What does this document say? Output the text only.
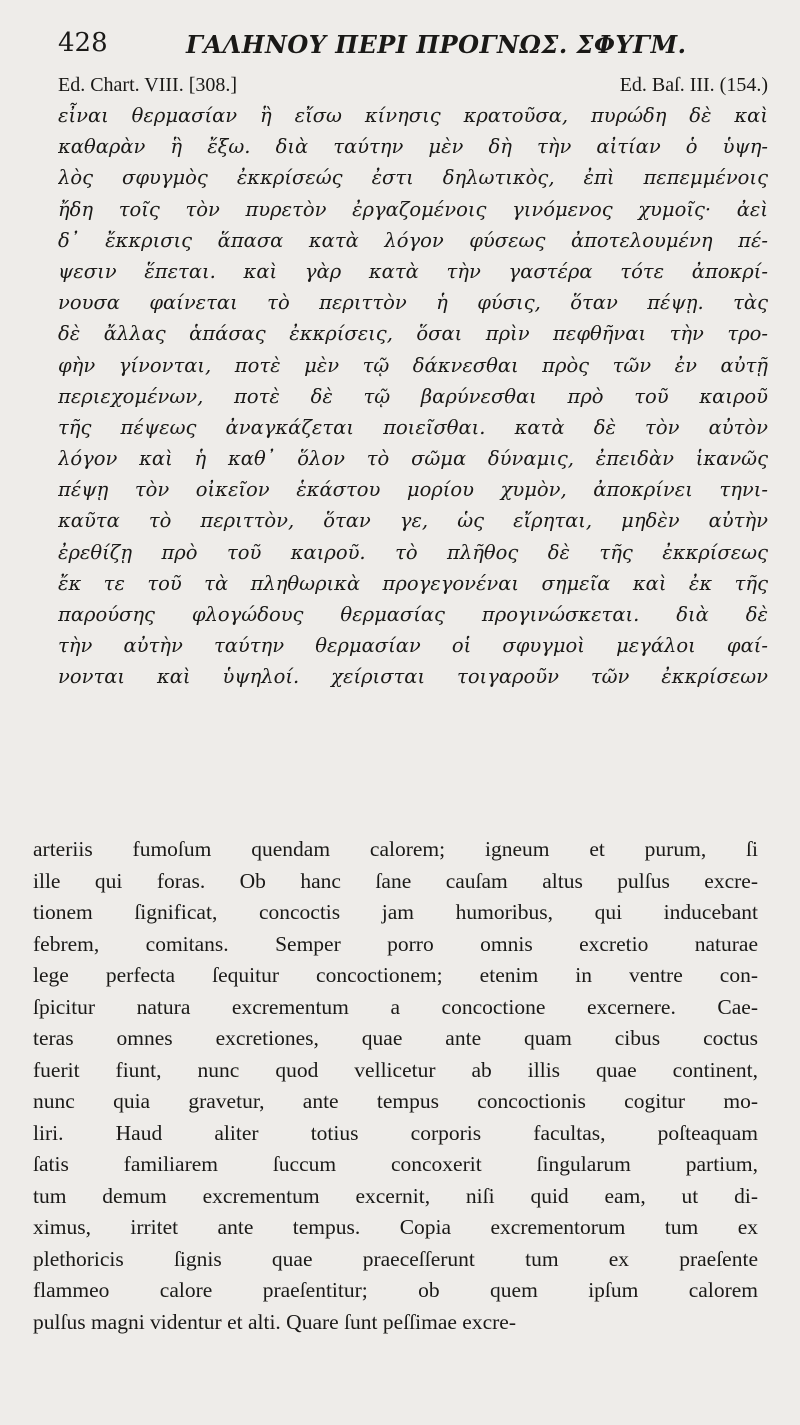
428	ΓΑΛΗΝΟΥ ΠΕΡΙ ΠΡΟΓΝΩΣ. ΣΦΥΓΜ.
Ed. Chart. VIII. [308.]	Ed. Baſ. III. (154.)
εἶναι θερμασίαν ἣ εἴσω κίνησις κρατοῦσα, πυρώδη δὲ καὶ
καθαρὰν ἣ ἔξω. διὰ ταύτην μὲν δὴ τὴν αἰτίαν ὁ ὑψη-
λὸς σφυγμὸς ἐκκρίσεώς ἐστι δηλωτικὸς, ἐπὶ πεπεμμένοις
ἤδη τοῖς τὸν πυρετὸν ἐργαζομένοις γινόμενος χυμοῖς· ἀεὶ
δ᾽ ἔκκρισις ἅπασα κατὰ λόγον φύσεως ἀποτελουμένη πέ-
ψεσιν ἕπεται. καὶ γὰρ κατὰ τὴν γαστέρα τότε ἀποκρί-
νουσα φαίνεται τὸ περιττὸν ἡ φύσις, ὅταν πέψῃ. τὰς
δὲ ἄλλας ἁπάσας ἐκκρίσεις, ὅσαι πρὶν πεφθῆναι τὴν τρο-
φὴν γίνονται, ποτὲ μὲν τῷ δάκνεσθαι πρὸς τῶν ἐν αὐτῇ
περιεχομένων, ποτὲ δὲ τῷ βαρύνεσθαι πρὸ τοῦ καιροῦ
τῆς πέψεως ἀναγκάζεται ποιεῖσθαι. κατὰ δὲ τὸν αὐτὸν
λόγον καὶ ἡ καθ᾽ ὅλον τὸ σῶμα δύναμις, ἐπειδὰν ἱκανῶς
πέψῃ τὸν οἰκεῖον ἑκάστου μορίου χυμὸν, ἀποκρίνει τηνι-
καῦτα τὸ περιττὸν, ὅταν γε, ὡς εἴρηται, μηδὲν αὐτὴν
ἐρεθίζῃ πρὸ τοῦ καιροῦ. τὸ πλῆθος δὲ τῆς ἐκκρίσεως
ἔκ τε τοῦ τὰ πληθωρικὰ προγεγονέναι σημεῖα καὶ ἐκ τῆς
παρούσης φλογώδους θερμασίας προγινώσκεται. διὰ δὲ
τὴν αὐτὴν ταύτην θερμασίαν οἱ σφυγμοὶ μεγάλοι φαί-
νονται καὶ ὑψηλοί. χείρισται τοιγαροῦν τῶν ἐκκρίσεων
arteriis fumoſum quendam calorem; igneum et purum, ſi
ille qui foras. Ob hanc ſane cauſam altus pulſus excre-
tionem ſignificat, concoctis jam humoribus, qui inducebant
febrem, comitans. Semper porro omnis excretio naturae
lege perfecta ſequitur concoctionem; etenim in ventre con-
ſpicitur natura excrementum a concoctione excernere. Cae-
teras omnes excretiones, quae ante quam cibus coctus
fuerit fiunt, nunc quod vellicetur ab illis quae continent,
nunc quia gravetur, ante tempus concoctionis cogitur mo-
liri. Haud aliter totius corporis facultas, poſteaquam
ſatis familiarem ſuccum concoxerit ſingularum partium,
tum demum excrementum excernit, niſi quid eam, ut di-
ximus, irritet ante tempus. Copia excrementorum tum ex
plethoricis ſignis quae praeceſſerunt tum ex praeſente
flammeo calore praeſentitur; ob quem ipſum calorem
pulſus magni videntur et alti. Quare ſunt peſſimae excre-
